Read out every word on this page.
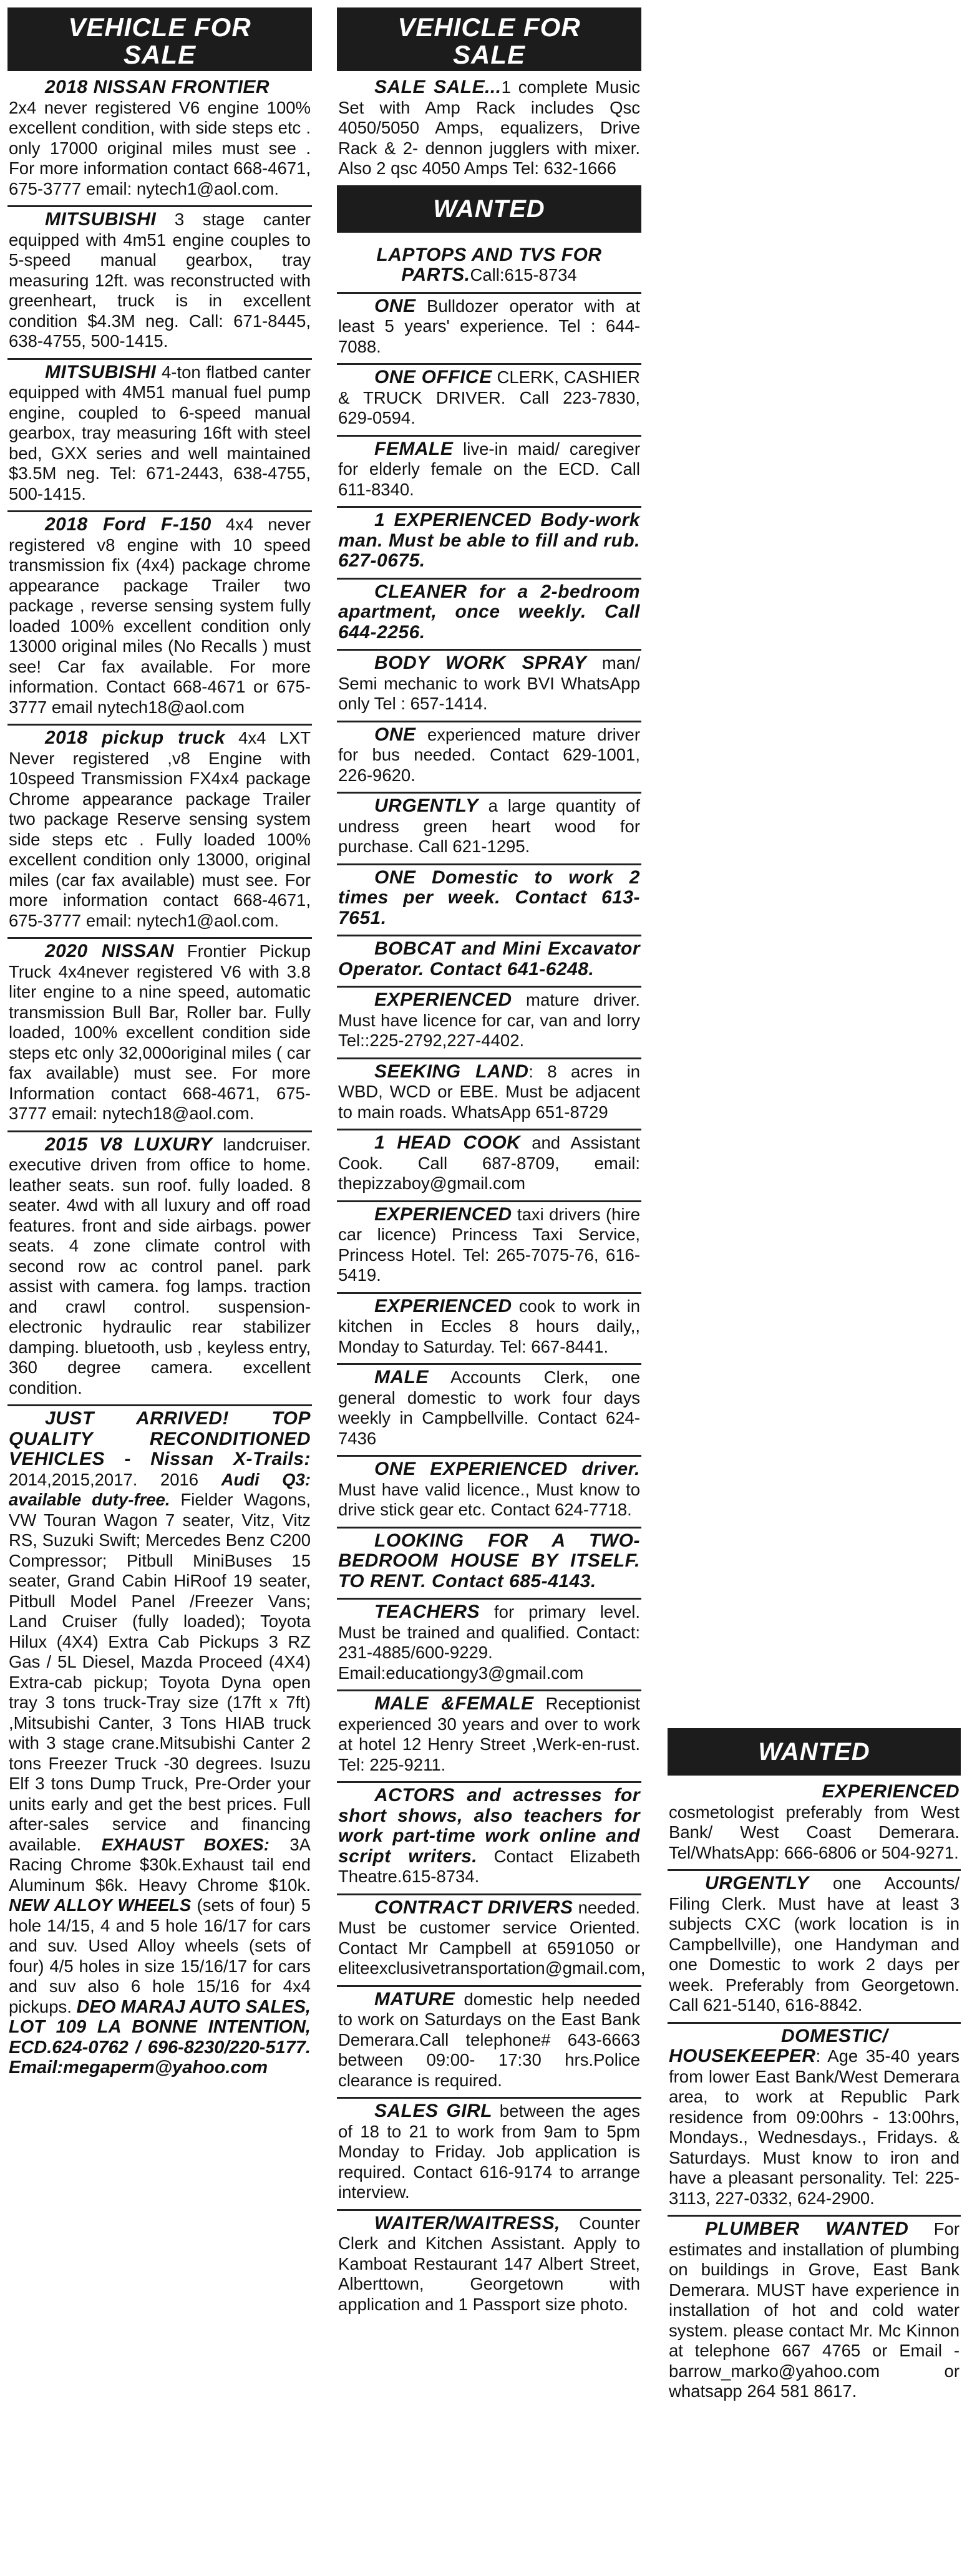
VEHICLE FOR
SALE
2018 NISSAN FRONTIER
2x4 never registered V6 engine 100% excellent condition, with side steps etc . only 17000 original miles must see . For more information contact 668-4671, 675-3777 email: nytech1@aol.com.
MITSUBISHI 3 stage canter equipped with 4m51 engine couples to 5-speed manual gearbox, tray measuring 12ft. was reconstructed with greenheart, truck is in excellent condition $4.3M neg. Call: 671-8445, 638-4755, 500-1415.
MITSUBISHI 4-ton flatbed canter equipped with 4M51 manual fuel pump engine, coupled to 6-speed manual gearbox, tray measuring 16ft with steel bed, GXX series and well maintained $3.5M neg. Tel: 671-2443, 638-4755, 500-1415.
2018 Ford F-150 4x4 never registered v8 engine with 10 speed transmission fix (4x4) package chrome appearance package Trailer two package , reverse sensing system fully loaded 100% excellent condition only 13000 original miles (No Recalls ) must see! Car fax available. For more information. Contact 668-4671 or 675-3777 email nytech18@aol.com
2018 pickup truck 4x4 LXT Never registered ,v8 Engine with 10speed Transmission FX4x4 package Chrome appearance package Trailer two package Reserve sensing system side steps etc . Fully loaded 100% excellent condition only 13000, original miles (car fax available) must see. For more information contact 668-4671, 675-3777 email: nytech1@aol.com.
2020 NISSAN Frontier Pickup Truck 4x4never registered V6 with 3.8 liter engine to a nine speed, automatic transmission Bull Bar, Roller bar. Fully loaded, 100% excellent condition side steps etc only 32,000original miles ( car fax available) must see. For more Information contact 668-4671, 675-3777 email: nytech18@aol.com.
2015 V8 LUXURY landcruiser. executive driven from office to home. leather seats. sun roof. fully loaded. 8 seater. 4wd with all luxury and off road features. front and side airbags. power seats. 4 zone climate control with second row ac control panel. park assist with camera. fog lamps. traction and crawl control. suspension-electronic hydraulic rear stabilizer damping. bluetooth, usb , keyless entry, 360 degree camera. excellent condition.
JUST ARRIVED! TOP QUALITY RECONDITIONED VEHICLES - Nissan X-Trails: 2014,2015,2017. 2016 Audi Q3: available duty-free. Fielder Wagons, VW Touran Wagon 7 seater, Vitz, Vitz RS, Suzuki Swift; Mercedes Benz C200 Compressor; Pitbull MiniBuses 15 seater, Grand Cabin HiRoof 19 seater, Pitbull Model Panel /Freezer Vans; Land Cruiser (fully loaded); Toyota Hilux (4X4) Extra Cab Pickups 3 RZ Gas / 5L Diesel, Mazda Proceed (4X4) Extra-cab pickup; Toyota Dyna open tray 3 tons truck-Tray size (17ft x 7ft) ,Mitsubishi Canter, 3 Tons HIAB truck with 3 stage crane.Mitsubishi Canter 2 tons Freezer Truck -30 degrees. Isuzu Elf 3 tons Dump Truck, Pre-Order your units early and get the best prices. Full after-sales service and financing available. EXHAUST BOXES: 3A Racing Chrome $30k.Exhaust tail end Aluminum $6k. Heavy Chrome $10k. NEW ALLOY WHEELS (sets of four) 5 hole 14/15, 4 and 5 hole 16/17 for cars and suv. Used Alloy wheels (sets of four) 4/5 holes in size 15/16/17 for cars and suv also 6 hole 15/16 for 4x4 pickups. DEO MARAJ AUTO SALES, LOT 109 LA BONNE INTENTION, ECD.624-0762 / 696-8230/220-5177. Email:megaperm@yahoo.com
VEHICLE FOR
SALE
SALE SALE...1 complete Music Set with Amp Rack includes Qsc 4050/5050 Amps, equalizers, Drive Rack & 2- dennon jugglers with mixer. Also 2 qsc 4050 Amps Tel: 632-1666
WANTED
LAPTOPS AND TVS FOR PARTS.Call:615-8734
ONE Bulldozer operator with at least 5 years' experience. Tel : 644-7088.
ONE OFFICE CLERK, CASHIER & TRUCK DRIVER. Call 223-7830, 629-0594.
FEMALE live-in maid/ caregiver for elderly female on the ECD. Call 611-8340.
1 EXPERIENCED Body-work man. Must be able to fill and rub. 627-0675.
CLEANER for a 2-bedroom apartment, once weekly. Call 644-2256.
BODY WORK SPRAY man/ Semi mechanic to work BVI WhatsApp only Tel : 657-1414.
ONE experienced mature driver for bus needed. Contact 629-1001, 226-9620.
URGENTLY a large quantity of undress green heart wood for purchase. Call 621-1295.
ONE Domestic to work 2 times per week. Contact 613-7651.
BOBCAT and Mini Excavator Operator. Contact 641-6248.
EXPERIENCED mature driver. Must have licence for car, van and lorry Tel::225-2792,227-4402.
SEEKING LAND: 8 acres in WBD, WCD or EBE. Must be adjacent to main roads. WhatsApp 651-8729
1 HEAD COOK and Assistant Cook. Call 687-8709, email: thepizzaboy@gmail.com
EXPERIENCED taxi drivers (hire car licence) Princess Taxi Service, Princess Hotel. Tel: 265-7075-76, 616-5419.
EXPERIENCED cook to work in kitchen in Eccles 8 hours daily,, Monday to Saturday. Tel: 667-8441.
MALE Accounts Clerk, one general domestic to work four days weekly in Campbellville. Contact 624-7436
ONE EXPERIENCED driver. Must have valid licence., Must know to drive stick gear etc. Contact 624-7718.
LOOKING FOR A TWO-BEDROOM HOUSE BY ITSELF. TO RENT. Contact 685-4143.
TEACHERS for primary level. Must be trained and qualified. Contact: 231-4885/600-9229. Email:educationgy3@gmail.com
MALE &FEMALE Receptionist experienced 30 years and over to work at hotel 12 Henry Street ,Werk-en-rust. Tel: 225-9211.
ACTORS and actresses for short shows, also teachers for work part-time work online and script writers. Contact Elizabeth Theatre.615-8734.
CONTRACT DRIVERS needed. Must be customer service Oriented. Contact Mr Campbell at 6591050 or eliteexclusivetransportation@gmail.com,
MATURE domestic help needed to work on Saturdays on the East Bank Demerara.Call telephone# 643-6663 between 09:00- 17:30 hrs.Police clearance is required.
SALES GIRL between the ages of 18 to 21 to work from 9am to 5pm Monday to Friday. Job application is required. Contact 616-9174 to arrange interview.
WAITER/WAITRESS, Counter Clerk and Kitchen Assistant. Apply to Kamboat Restaurant 147 Albert Street, Alberttown, Georgetown with application and 1 Passport size photo.
WANTED
EXPERIENCED
cosmetologist preferably from West Bank/ West Coast Demerara. Tel/WhatsApp: 666-6806 or 504-9271.
URGENTLY one Accounts/ Filing Clerk. Must have at least 3 subjects CXC (work location is in Campbellville), one Handyman and one Domestic to work 2 days per week. Preferably from Georgetown. Call 621-5140, 616-8842.
DOMESTIC/ HOUSEKEEPER: Age 35-40 years from lower East Bank/West Demerara area, to work at Republic Park residence from 09:00hrs - 13:00hrs, Mondays., Wednesdays., Fridays. & Saturdays. Must know to iron and have a pleasant personality. Tel: 225-3113, 227-0332, 624-2900.
PLUMBER WANTED For estimates and installation of plumbing on buildings in Grove, East Bank Demerara. MUST have experience in installation of hot and cold water system. please contact Mr. Mc Kinnon at telephone 667 4765 or Email - barrow_marko@yahoo.com or whatsapp 264 581 8617.
